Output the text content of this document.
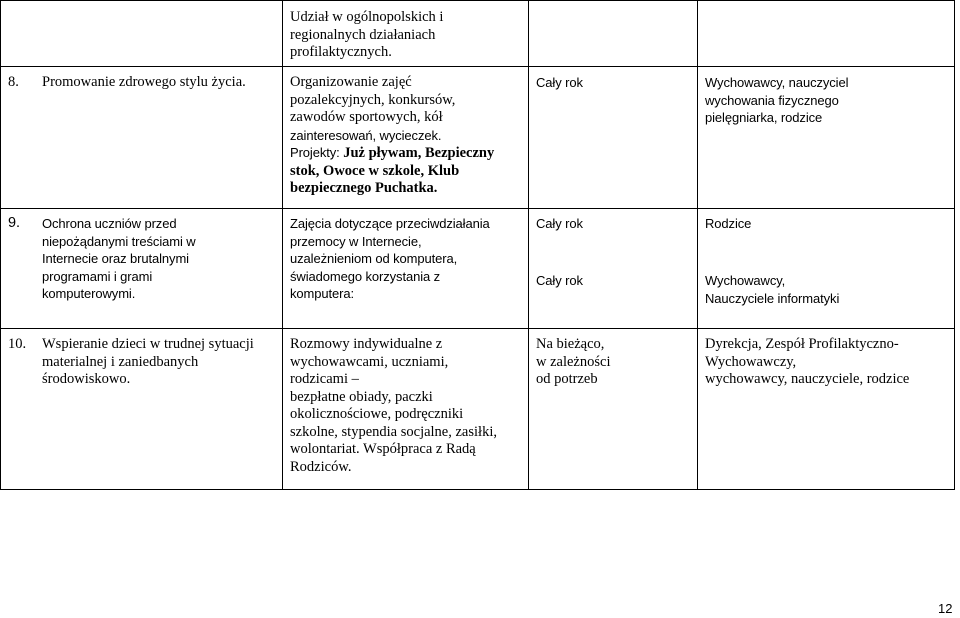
Udział w ogólnopolskich i
regionalnych działaniach
profilaktycznych.
8. Promowanie zdrowego stylu życia.	Organizowanie zajęć
pozalekcyjnych, konkursów,
zawodów sportowych, kół
zainteresowań, wycieczek.
Projekty: Już pływam, Bezpieczny
stok, Owoce w szkole, Klub
bezpiecznego Puchatka.
Cały rok	Wychowawcy, nauczyciel
wychowania fizycznego
pielęgniarka, rodzice
9. Ochrona uczniów przed
niepożądanymi treściami w
Internecie oraz brutalnymi
programami i grami
komputerowymi.
Zajęcia dotyczące przeciwdziałania
przemocy w Internecie,
uzależnieniom od komputera,
świadomego korzystania z
komputera:
Cały rok
Cały rok
Rodzice
Wychowawcy,
Nauczyciele informatyki
10. Wspieranie dzieci w trudnej sytuacji
materialnej i zaniedbanych
środowiskowo.
Rozmowy indywidualne z
wychowawcami, uczniami,
rodzicami –
bezpłatne obiady, paczki
okolicznościowe, podręczniki
szkolne, stypendia socjalne, zasiłki,
wolontariat. Współpraca z Radą
Rodziców.
Na bieżąco,
w zależności
od potrzeb
Dyrekcja, Zespół Profilaktyczno-
Wychowawczy,
wychowawcy, nauczyciele, rodzice
12
